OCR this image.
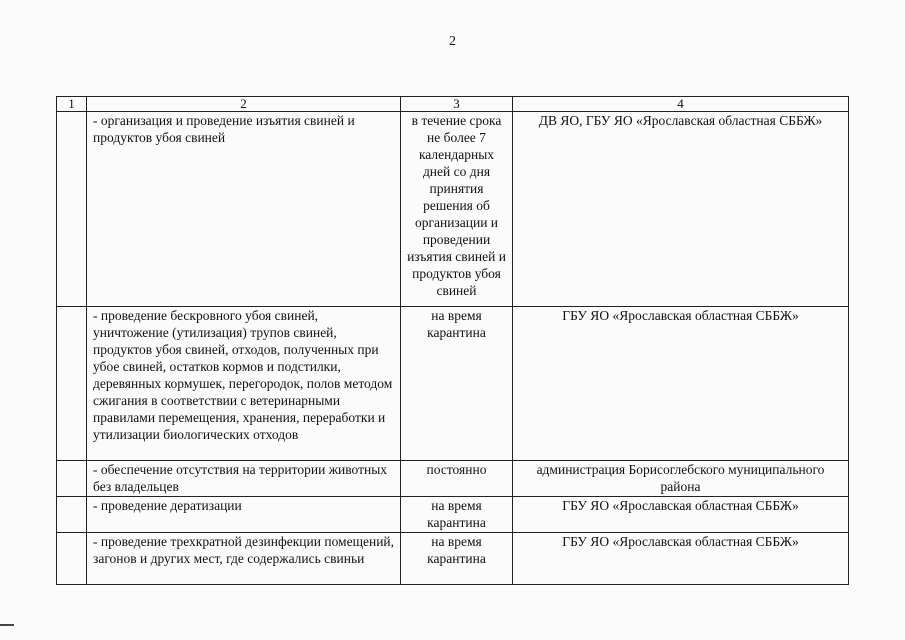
2
1	2	3	4
	- организация и проведение изъятия свиней и продуктов убоя свиней	в течение срока не более 7 календарных дней со дня принятия решения об организации и проведении изъятия свиней и продуктов убоя свиней	ДВ ЯО, ГБУ ЯО «Ярославская областная СББЖ»
	- проведение бескровного убоя свиней, уничтожение (утилизация) трупов свиней, продуктов убоя свиней, отходов, полученных при убое свиней, остатков кормов и подстилки, деревянных кормушек, перегородок, полов методом сжигания в соответствии с ветеринарными правилами перемещения, хранения, переработки и утилизации биологических отходов	на время карантина	ГБУ ЯО «Ярославская областная СББЖ»
	- обеспечение отсутствия на территории животных без владельцев	постоянно	администрация Борисоглебского муниципального района
	- проведение дератизации	на время карантина	ГБУ ЯО «Ярославская областная СББЖ»
	- проведение трехкратной дезинфекции помещений, загонов и других мест, где содержались свиньи	на время карантина	ГБУ ЯО «Ярославская областная СББЖ»
